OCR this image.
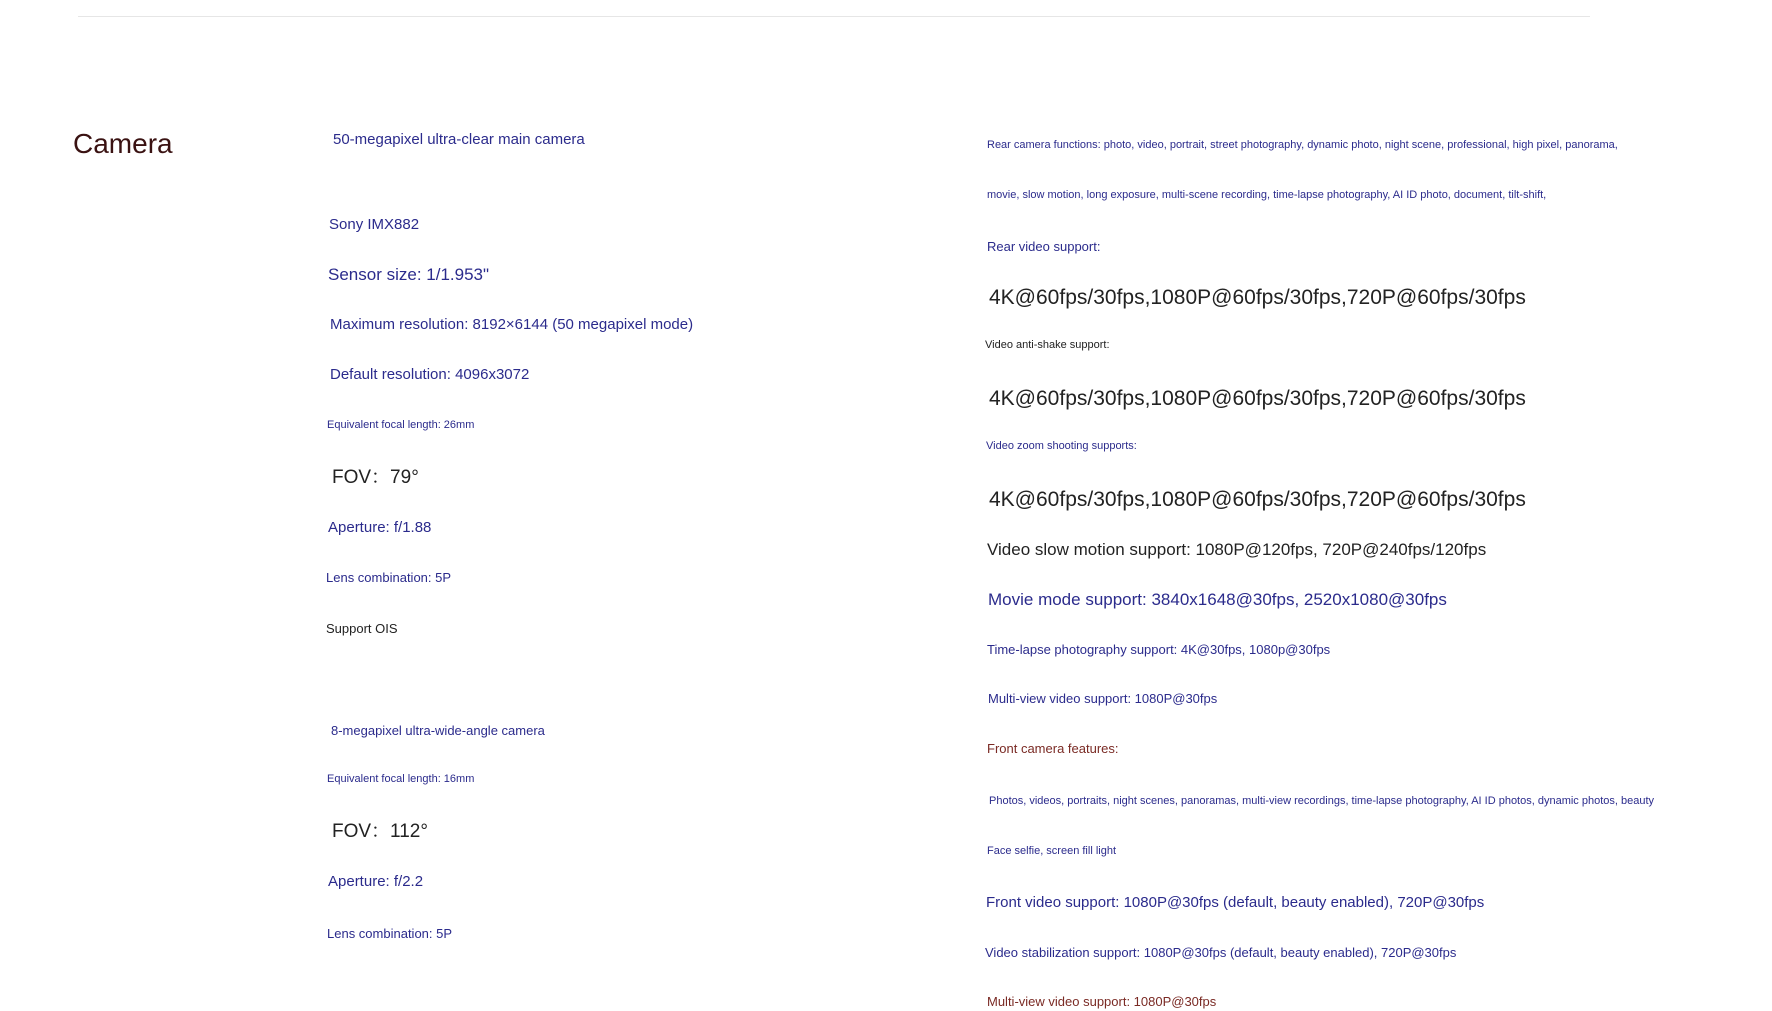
Camera	50-megapixel ultra-clear main camera

Sony IMX882

Sensor size: 1/1.953"

Maximum resolution: 8192×6144 (50 megapixel mode)

Default resolution: 4096x3072

Equivalent focal length: 26mm

FOV：79°

Aperture: f/1.88

Lens combination: 5P

Support OIS

8-megapixel ultra-wide-angle camera

Equivalent focal length: 16mm

FOV：112°

Aperture: f/2.2

Lens combination: 5P

Rear camera functions: photo, video, portrait, street photography, dynamic photo, night scene, professional, high pixel, panorama,

movie, slow motion, long exposure, multi-scene recording, time-lapse photography, AI ID photo, document, tilt-shift,

Rear video support:

4K@60fps/30fps,1080P@60fps/30fps,720P@60fps/30fps

Video anti-shake support:

4K@60fps/30fps,1080P@60fps/30fps,720P@60fps/30fps

Video zoom shooting supports:

4K@60fps/30fps,1080P@60fps/30fps,720P@60fps/30fps

Video slow motion support: 1080P@120fps, 720P@240fps/120fps

Movie mode support: 3840x1648@30fps, 2520x1080@30fps

Time-lapse photography support: 4K@30fps, 1080p@30fps

Multi-view video support: 1080P@30fps

Front camera features:

Photos, videos, portraits, night scenes, panoramas, multi-view recordings, time-lapse photography, AI ID photos, dynamic photos, beauty

Face selfie, screen fill light

Front video support: 1080P@30fps (default, beauty enabled), 720P@30fps

Video stabilization support: 1080P@30fps (default, beauty enabled), 720P@30fps

Multi-view video support: 1080P@30fps
